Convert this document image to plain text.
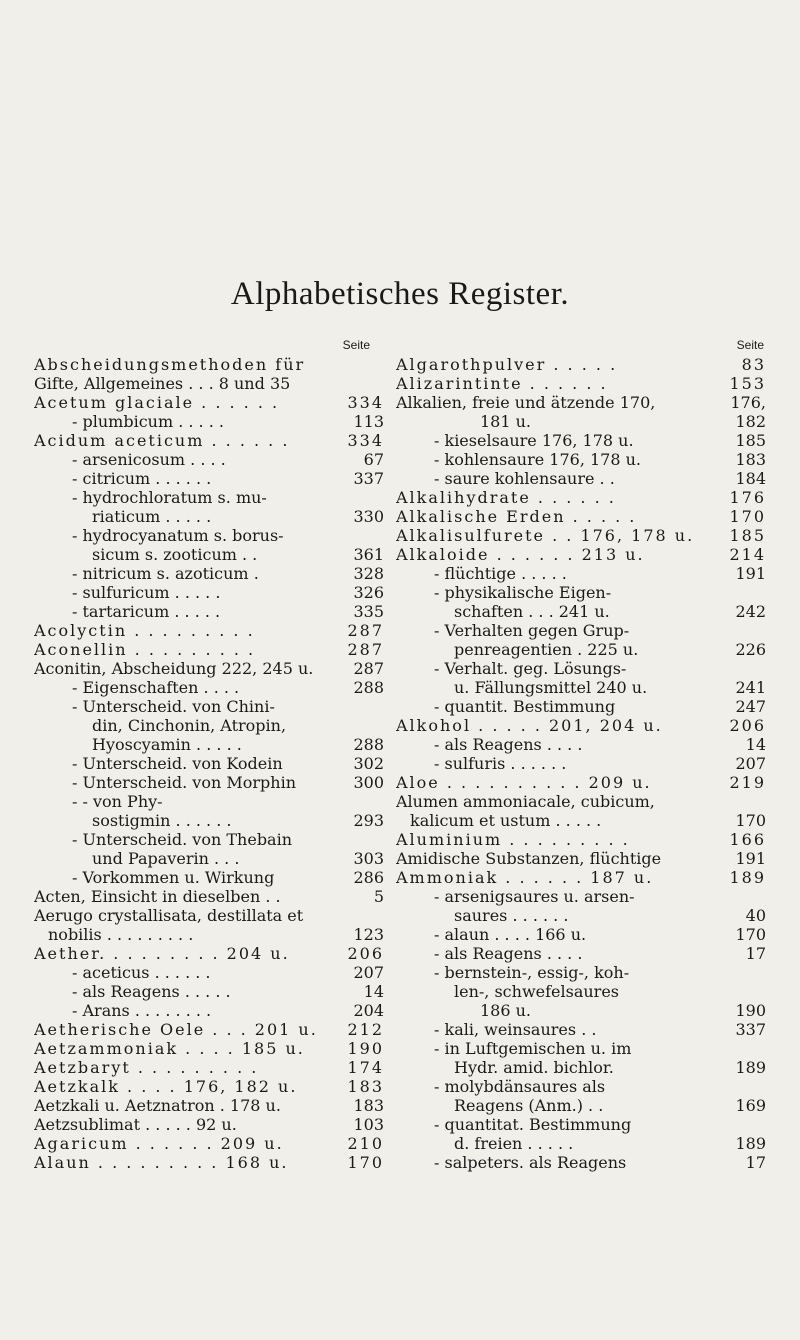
Alphabetisches Register.
Seite
Abscheidungsmethoden für
Gifte, Allgemeines . . . 8 und 35
Acetum glaciale . . . . . .	334
- plumbicum . . . . .	113
Acidum aceticum . . . . . .	334
- arsenicosum . . . .	67
- citricum . . . . . .	337
- hydrochloratum s. mu-
riaticum . . . . .	330
- hydrocyanatum s. borus-
sicum s. zooticum . .	361
- nitricum s. azoticum .	328
- sulfuricum . . . . .	326
- tartaricum . . . . .	335
Acolyctin . . . . . . . . .	287
Aconellin . . . . . . . . .	287
Aconitin, Abscheidung 222, 245 u.	287
- Eigenschaften . . . .	288
- Unterscheid. von Chini-
din, Cinchonin, Atropin,
Hyoscyamin . . . . .	288
- Unterscheid. von Kodein	302
- Unterscheid. von Morphin	300
- - von Phy-
sostigmin . . . . . .	293
- Unterscheid. von Thebain
und Papaverin . . .	303
- Vorkommen u. Wirkung	286
Acten, Einsicht in dieselben . .	5
Aerugo crystallisata, destillata et
nobilis . . . . . . . . .	123
Aether. . . . . . . . . 204 u.	206
- aceticus . . . . . .	207
- als Reagens . . . . .	14
- Arans . . . . . . . .	204
Aetherische Oele . . . 201 u.	212
Aetzammoniak . . . . 185 u.	190
Aetzbaryt . . . . . . . . .	174
Aetzkalk . . . . 176, 182 u.	183
Aetzkali u. Aetznatron . 178 u.	183
Aetzsublimat . . . . . 92 u.	103
Agaricum . . . . . . 209 u.	210
Alaun . . . . . . . . . 168 u.	170
Seite
Algarothpulver . . . . .	83
Alizarintinte . . . . . .	153
Alkalien, freie und ätzende 170,	176,
181 u.	182
- kieselsaure 176, 178 u.	185
- kohlensaure 176, 178 u.	183
- saure kohlensaure . .	184
Alkalihydrate . . . . . .	176
Alkalische Erden . . . . .	170
Alkalisulfurete . . 176, 178 u.	185
Alkaloide . . . . . . 213 u.	214
- flüchtige . . . . .	191
- physikalische Eigen-
schaften . . . 241 u.	242
- Verhalten gegen Grup-
penreagentien . 225 u.	226
- Verhalt. geg. Lösungs-
u. Fällungsmittel 240 u.	241
- quantit. Bestimmung	247
Alkohol . . . . . 201, 204 u.	206
- als Reagens . . . .	14
- sulfuris . . . . . .	207
Aloe . . . . . . . . . . 209 u.	219
Alumen ammoniacale, cubicum,
kalicum et ustum . . . . .	170
Aluminium . . . . . . . . .	166
Amidische Substanzen, flüchtige	191
Ammoniak . . . . . . 187 u.	189
- arsenigsaures u. arsen-
saures . . . . . .	40
- alaun . . . . 166 u.	170
- als Reagens . . . .	17
- bernstein-, essig-, koh-
len-, schwefelsaures
186 u.	190
- kali, weinsaures . .	337
- in Luftgemischen u. im
Hydr. amid. bichlor.	189
- molybdänsaures als
Reagens (Anm.) . .	169
- quantitat. Bestimmung
d. freien . . . . .	189
- salpeters. als Reagens	17
